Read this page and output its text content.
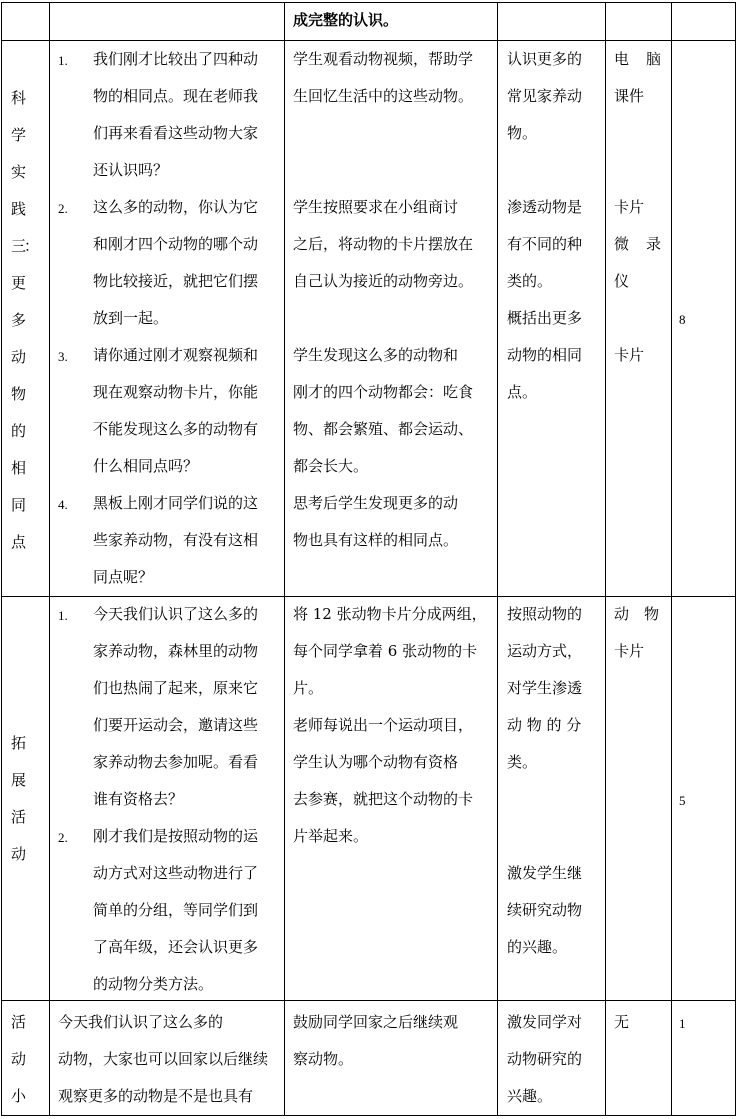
成完整的认识。
科
学
实
践
三
：
更
多
动
物
的
相
同
点
1. 我们刚才比较出了四种动
物的相同点。现在老师我
们再来看看这些动物大家
还认识吗？
2. 这么多的动物，你认为它
和刚才四个动物的哪个动
物比较接近，就把它们摆
放到一起。
3. 请你通过刚才观察视频和
现在观察动物卡片，你能
不能发现这么多的动物有
什么相同点吗？
4. 黑板上刚才同学们说的这
些家养动物，有没有这相
同点呢？
学生观看动物视频，帮助学
生回忆生活中的这些动物。
学生按照要求在小组商讨
之后，将动物的卡片摆放在
自己认为接近的动物旁边。
学生发现这么多的动物和
刚才的四个动物都会：吃食
物、都会繁殖、都会运动、
都会长大。
思考后学生发现更多的动
物也具有这样的相同点。
认识更多的
常见家养动
物。
渗透动物是
有不同的种
类的。
概括出更多
动物的相同
点。
电 脑
课件
卡片
微 录
仪
卡片
8
拓
展
活
动
1. 今天我们认识了这么多的
家养动物，森林里的动物
们也热闹了起来，原来它
们要开运动会，邀请这些
家养动物去参加呢。看看
谁有资格去？
2. 刚才我们是按照动物的运
动方式对这些动物进行了
简单的分组，等同学们到
了高年级，还会认识更多
的动物分类方法。
将 12 张动物卡片分成两组，
每个同学拿着 6 张动物的卡
片。
老师每说出一个运动项目，
学生认为哪个动物有资格
去参赛，就把这个动物的卡
片举起来。
按照动物的
运动方式，
对学生渗透
动 物 的 分
类。
激发学生继
续研究动物
的兴趣。
动　物
卡片
5
活
动
小
今天我们认识了这么多的
动物，大家也可以回家以后继续
观察更多的动物是不是也具有
鼓励同学回家之后继续观
察动物。
激发同学对
动物研究的
兴趣。
无	1
